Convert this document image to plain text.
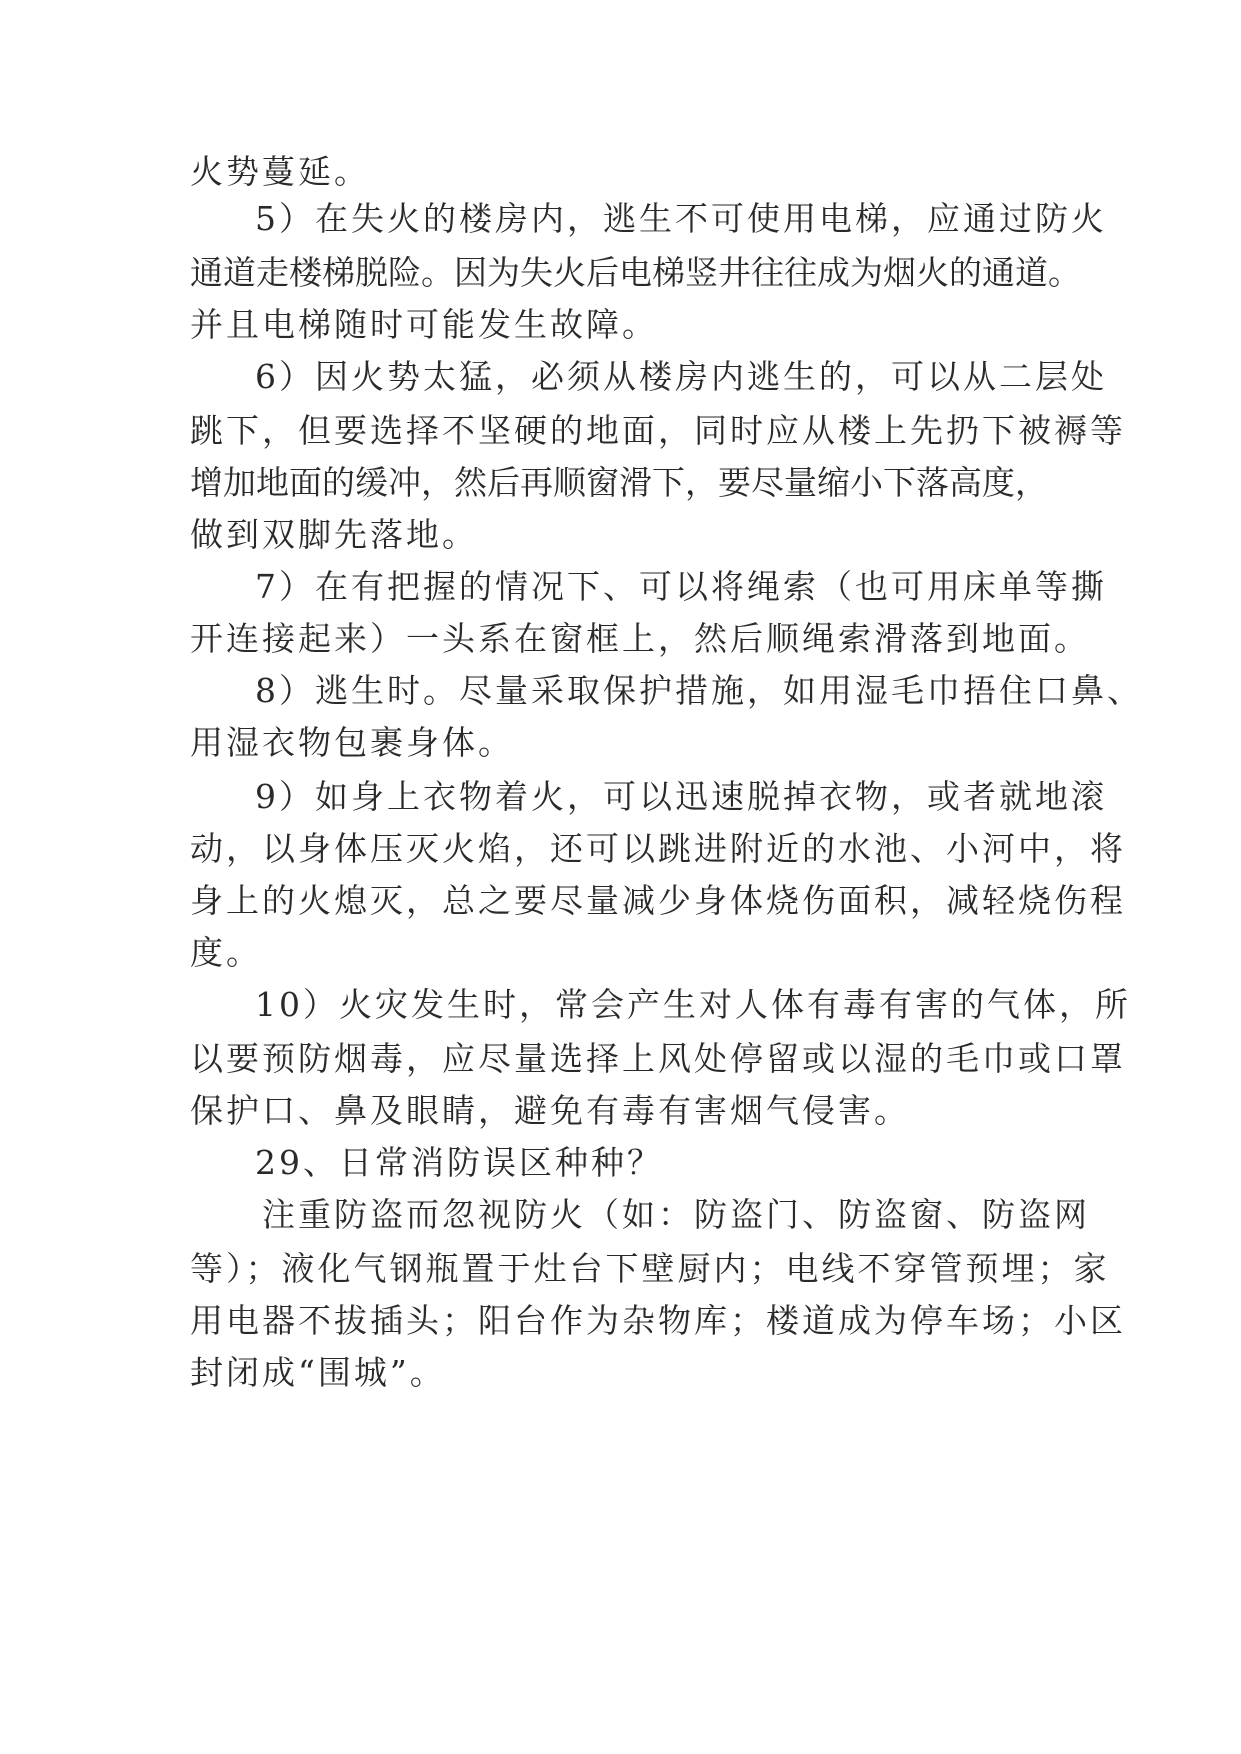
火势蔓延。
5）在失火的楼房内，逃生不可使用电梯，应通过防火
通道走楼梯脱险。因为失火后电梯竖井往往成为烟火的通道。
并且电梯随时可能发生故障。
6）因火势太猛，必须从楼房内逃生的，可以从二层处
跳下，但要选择不坚硬的地面，同时应从楼上先扔下被褥等
增加地面的缓冲，然后再顺窗滑下，要尽量缩小下落高度，
做到双脚先落地。
7）在有把握的情况下、可以将绳索（也可用床单等撕
开连接起来）一头系在窗框上，然后顺绳索滑落到地面。
8）逃生时。尽量采取保护措施，如用湿毛巾捂住口鼻、
用湿衣物包裹身体。
9）如身上衣物着火，可以迅速脱掉衣物，或者就地滚
动，以身体压灭火焰，还可以跳进附近的水池、小河中，将
身上的火熄灭，总之要尽量减少身体烧伤面积，减轻烧伤程
度。
10）火灾发生时，常会产生对人体有毒有害的气体，所
以要预防烟毒，应尽量选择上风处停留或以湿的毛巾或口罩
保护口、鼻及眼睛，避免有毒有害烟气侵害。
29、日常消防误区种种？
注重防盗而忽视防火（如：防盗门、防盗窗、防盗网
等）；液化气钢瓶置于灶台下壁厨内；电线不穿管预埋；家
用电器不拔插头；阳台作为杂物库；楼道成为停车场；小区
封闭成“围城”。
